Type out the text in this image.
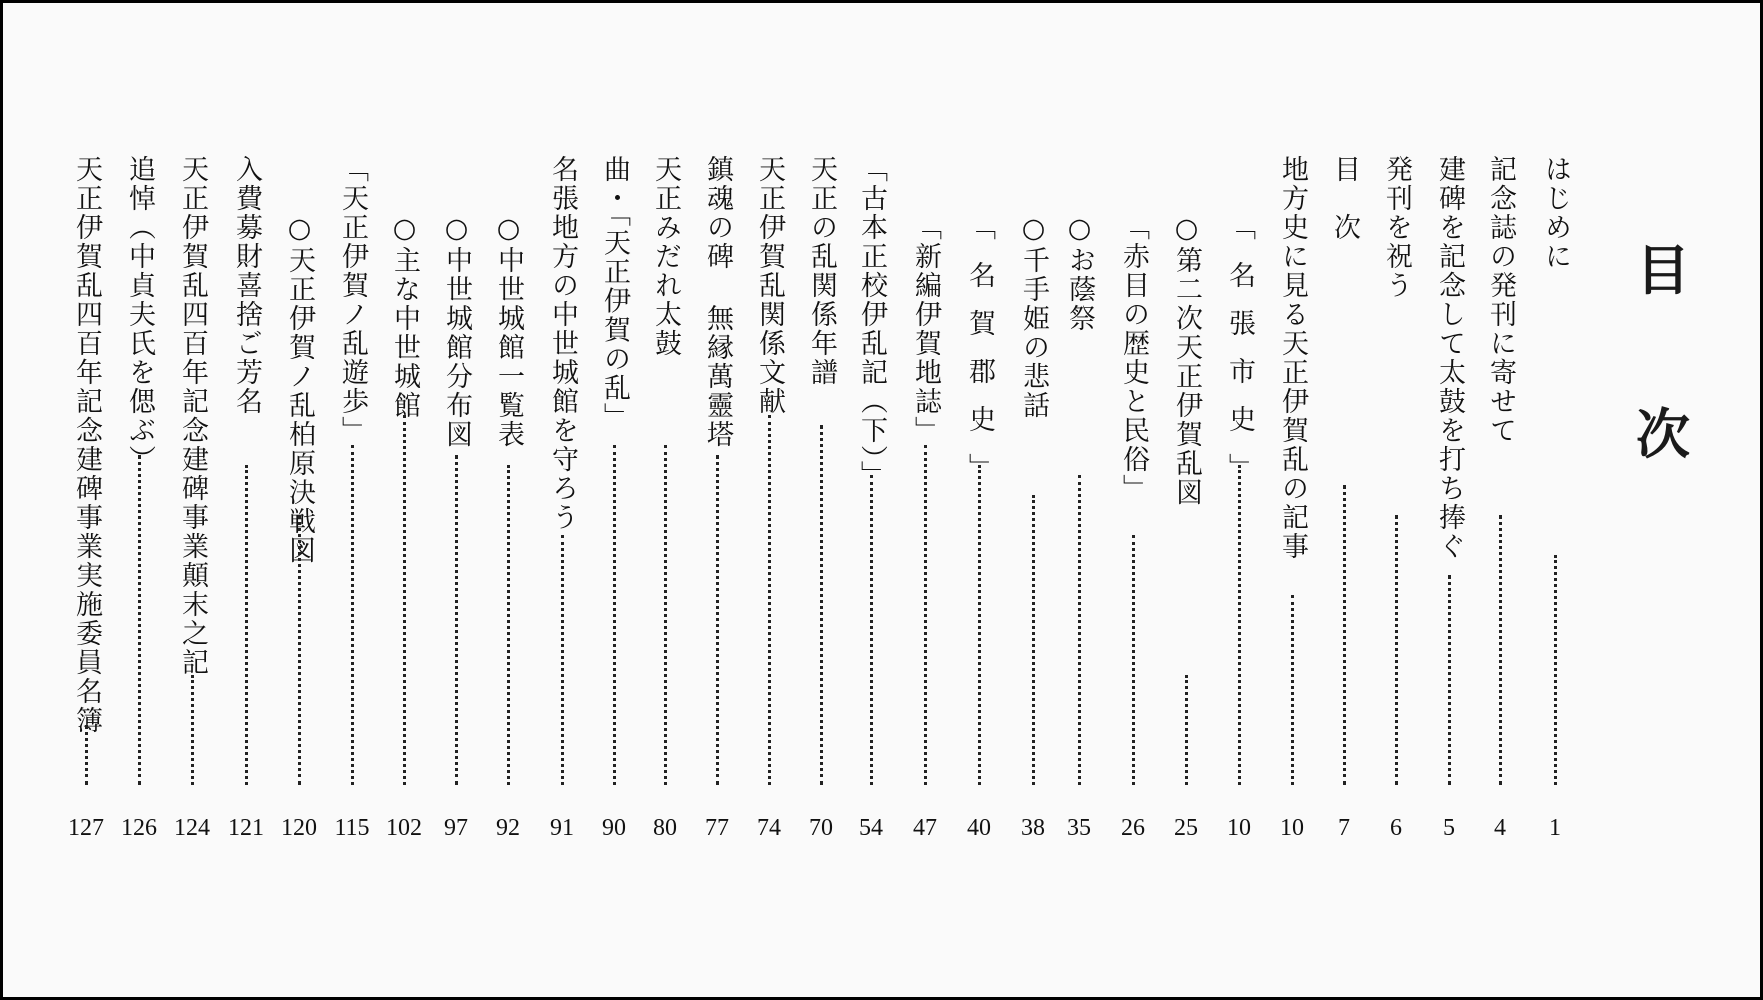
目
次
はじめに
1
記念誌の発刊に寄せて
4
建碑を記念して太鼓を打ち捧ぐ
5
発刊を祝う
6
目　次
7
地方史に見る天正伊賀乱の記事
10
「名張市史」
10
○第二次天正伊賀乱図
25
「赤目の歴史と民俗」
26
○お蔭祭
35
○千手姫の悲話
38
「名賀郡史」
40
「新編伊賀地誌」
47
「古本正校伊乱記（下）」
54
天正の乱関係年譜
70
天正伊賀乱関係文献
74
鎮魂の碑 無縁萬靈塔
77
天正みだれ太鼓
80
曲・「天正伊賀の乱」
90
名張地方の中世城館を守ろう
91
○中世城館一覧表
92
○中世城館分布図
97
○主な中世城館
102
「天正伊賀ノ乱遊歩」
115
○天正伊賀ノ乱柏原決戦図
120
入費募財喜捨ご芳名
121
天正伊賀乱四百年記念建碑事業顛末之記
124
追悼（中貞夫氏を偲ぶ）
126
天正伊賀乱四百年記念建碑事業実施委員名簿
127
